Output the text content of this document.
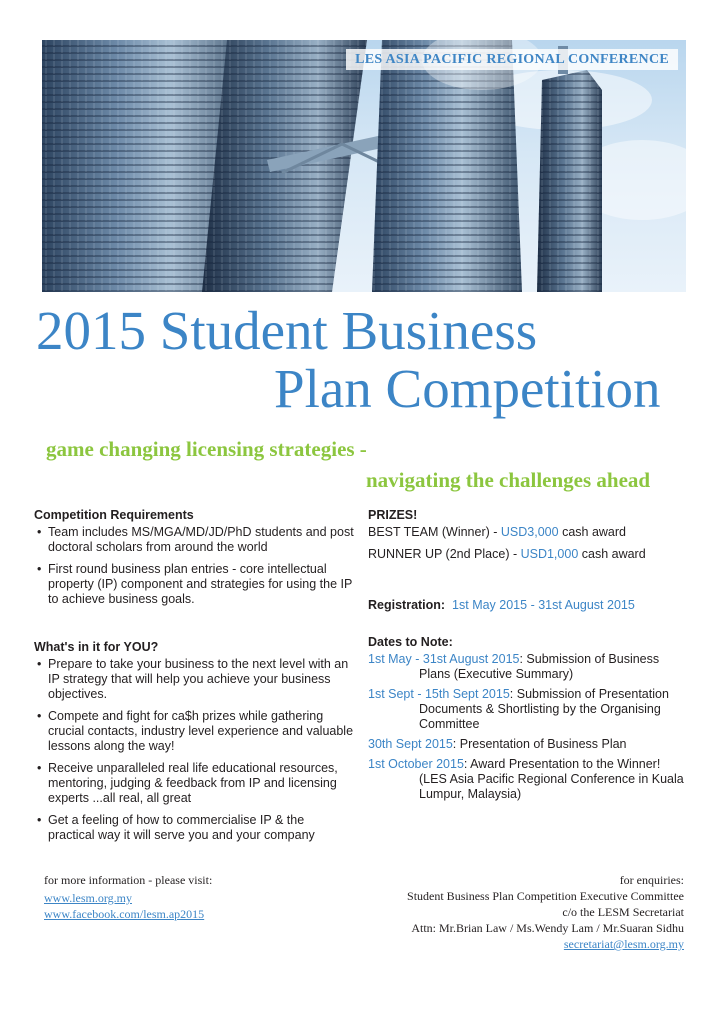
LES ASIA PACIFIC REGIONAL CONFERENCE
2015 Student Business
Plan Competition
game changing licensing strategies -
navigating the challenges ahead
Competition Requirements
• Team includes MS/MGA/MD/JD/PhD students and post doctoral scholars from around the world
• First round business plan entries - core intellectual property (IP) component and strategies for using the IP to achieve business goals.
What's in it for YOU?
• Prepare to take your business to the next level with an IP strategy that will help you achieve your business objectives.
• Compete and fight for ca$h prizes while gathering crucial contacts, industry level experience and valuable lessons along the way!
• Receive unparalleled real life educational resources, mentoring, judging & feedback from IP and licensing experts ...all real, all great
• Get a feeling of how to commercialise IP & the practical way it will serve you and your company
PRIZES!
BEST TEAM (Winner) - USD3,000 cash award
RUNNER UP (2nd Place) - USD1,000 cash award
Registration: 1st May 2015 - 31st August 2015
Dates to Note:
1st May - 31st August 2015: Submission of Business
Plans (Executive Summary)
1st Sept - 15th Sept 2015: Submission of Presentation
Documents & Shortlisting by the Organising Committee
30th Sept 2015: Presentation of Business Plan
1st October 2015: Award Presentation to the Winner!
(LES Asia Pacific Regional Conference in Kuala Lumpur, Malaysia)
for more information - please visit:
www.lesm.org.my
www.facebook.com/lesm.ap2015
for enquiries:
Student Business Plan Competition Executive Committee
c/o the LESM Secretariat
Attn: Mr.Brian Law / Ms.Wendy Lam / Mr.Suaran Sidhu
secretariat@lesm.org.my
